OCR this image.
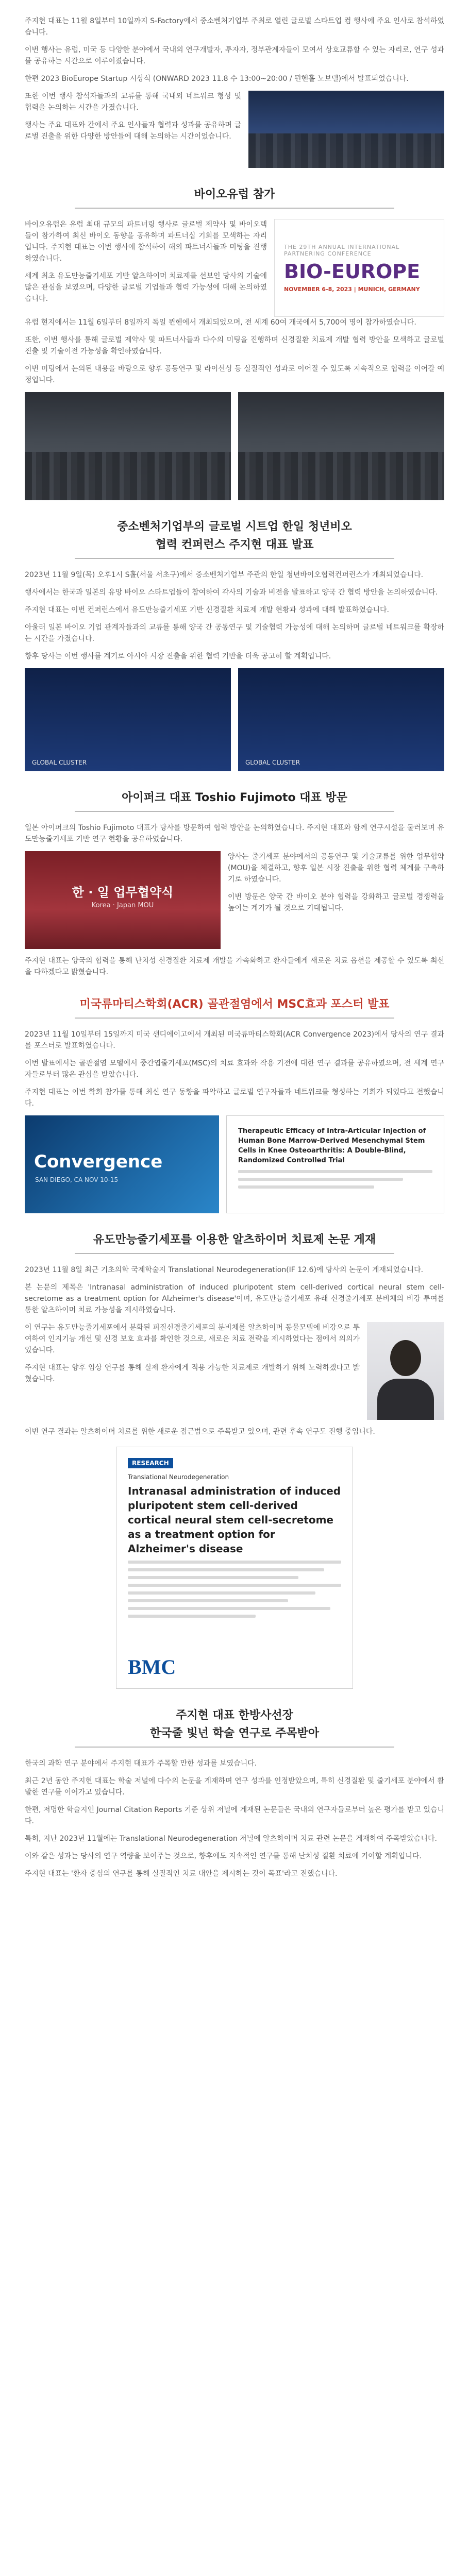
주지현 대표는 11월 8일부터 10일까지 S-Factory에서 중소벤처기업부 주최로 열린 글로벌 스타트업 컴 행사에 주요 인사로 참석하였습니다.

이번 행사는 유럽, 미국 등 다양한 분야에서 국내외 연구개발자, 투자자, 정부관계자들이 모여서 상호교류할 수 있는 자리로, 연구 성과를 공유하는 시간으로 이루어졌습니다.

한편 2023 BioEurope Startup 시상식 (ONWARD 2023 11.8 수 13:00~20:00 / 뮌헨홀 노보텔)에서 발표되었습니다.

또한 이번 행사 참석자들과의 교류를 통해 국내외 네트워크 형성 및 협력을 논의하는 시간을 가졌습니다.

행사는 주요 대표와 간에서 주요 인사들과 협력과 성과를 공유하며 글로벌 진출을 위한 다양한 방안들에 대해 논의하는 시간이었습니다.

바이오유럽 참가

바이오유럽은 유럽 최대 규모의 파트너링 행사로 글로벌 제약사 및 바이오텍들이 참가하여 최신 바이오 동향을 공유하며 파트너십 기회를 모색하는 자리입니다. 주지현 대표는 이번 행사에 참석하여 해외 파트너사들과 미팅을 진행하였습니다.

세계 최초 유도만능줄기세포 기반 알츠하이머 치료제를 선보인 당사의 기술에 많은 관심을 보였으며, 다양한 글로벌 기업들과 협력 가능성에 대해 논의하였습니다.

THE 29TH ANNUAL INTERNATIONAL PARTNERING CONFERENCE
BIO-EUROPE
NOVEMBER 6-8, 2023 | MUNICH, GERMANY

유럽 현지에서는 11월 6일부터 8일까지 독일 뮌헨에서 개최되었으며, 전 세계 60여 개국에서 5,700여 명이 참가하였습니다.

또한, 이번 행사를 통해 글로벌 제약사 및 파트너사들과 다수의 미팅을 진행하며 신경질환 치료제 개발 협력 방안을 모색하고 글로벌 진출 및 기술이전 가능성을 확인하였습니다.

이번 미팅에서 논의된 내용을 바탕으로 향후 공동연구 및 라이선싱 등 실질적인 성과로 이어질 수 있도록 지속적으로 협력을 이어갈 예정입니다.

중소벤처기업부의 글로벌 시트업 한일 청년비오
협력 컨퍼런스 주지현 대표 발표

2023년 11월 9일(목) 오후1시 S홀(서울 서초구)에서 중소벤처기업부 주관의 한일 청년바이오협력컨퍼런스가 개최되었습니다.

행사에서는 한국과 일본의 유망 바이오 스타트업들이 참여하여 각사의 기술과 비전을 발표하고 양국 간 협력 방안을 논의하였습니다.

주지현 대표는 이번 컨퍼런스에서 유도만능줄기세포 기반 신경질환 치료제 개발 현황과 성과에 대해 발표하였습니다.

아울러 일본 바이오 기업 관계자들과의 교류를 통해 양국 간 공동연구 및 기술협력 가능성에 대해 논의하며 글로벌 네트워크를 확장하는 시간을 가졌습니다.

향후 당사는 이번 행사를 계기로 아시아 시장 진출을 위한 협력 기반을 더욱 공고히 할 계획입니다.

GLOBAL CLUSTER	GLOBAL CLUSTER
아이퍼크 대표 Toshio Fujimoto 대표 방문

일본 아이퍼크의 Toshio Fujimoto 대표가 당사를 방문하여 협력 방안을 논의하였습니다. 주지현 대표와 함께 연구시설을 둘러보며 유도만능줄기세포 기반 연구 현황을 공유하였습니다.

한 · 일 업무협약식
Korea · Japan MOU

양사는 줄기세포 분야에서의 공동연구 및 기술교류를 위한 업무협약(MOU)을 체결하고, 향후 일본 시장 진출을 위한 협력 체계를 구축하기로 하였습니다.

이번 방문은 양국 간 바이오 분야 협력을 강화하고 글로벌 경쟁력을 높이는 계기가 될 것으로 기대됩니다.

주지현 대표는 양국의 협력을 통해 난치성 신경질환 치료제 개발을 가속화하고 환자들에게 새로운 치료 옵션을 제공할 수 있도록 최선을 다하겠다고 밝혔습니다.

미국류마티스학회(ACR) 골관절염에서 MSC효과 포스터 발표

2023년 11월 10일부터 15일까지 미국 샌디에이고에서 개최된 미국류마티스학회(ACR Convergence 2023)에서 당사의 연구 결과를 포스터로 발표하였습니다.

이번 발표에서는 골관절염 모델에서 중간엽줄기세포(MSC)의 치료 효과와 작용 기전에 대한 연구 결과를 공유하였으며, 전 세계 연구자들로부터 많은 관심을 받았습니다.

주지현 대표는 이번 학회 참가를 통해 최신 연구 동향을 파악하고 글로벌 연구자들과 네트워크를 형성하는 기회가 되었다고 전했습니다.

Convergence
SAN DIEGO, CA NOV 10-15
Therapeutic Efficacy of Intra-Articular Injection of Human Bone Marrow-Derived Mesenchymal Stem Cells in Knee Osteoarthritis: A Double-Blind, Randomized Controlled Trial
유도만능줄기세포를 이용한 알츠하이머 치료제 논문 게재

2023년 11월 8일 최근 기초의학 국제학술지 Translational Neurodegeneration(IF 12.6)에 당사의 논문이 게재되었습니다.

본 논문의 제목은 'Intranasal administration of induced pluripotent stem cell-derived cortical neural stem cell-secretome as a treatment option for Alzheimer's disease'이며, 유도만능줄기세포 유래 신경줄기세포 분비체의 비강 투여를 통한 알츠하이머 치료 가능성을 제시하였습니다.

이 연구는 유도만능줄기세포에서 분화된 피질신경줄기세포의 분비체를 알츠하이머 동물모델에 비강으로 투여하여 인지기능 개선 및 신경 보호 효과를 확인한 것으로, 새로운 치료 전략을 제시하였다는 점에서 의의가 있습니다.

주지현 대표는 향후 임상 연구를 통해 실제 환자에게 적용 가능한 치료제로 개발하기 위해 노력하겠다고 밝혔습니다.

이번 연구 결과는 알츠하이머 치료를 위한 새로운 접근법으로 주목받고 있으며, 관련 후속 연구도 진행 중입니다.

RESEARCH
Translational Neurodegeneration
Intranasal administration of induced pluripotent stem cell-derived cortical neural stem cell-secretome as a treatment option for Alzheimer's disease
BMC
주지현 대표 한방사선장
한국줄 빛넌 학술 연구로 주목받아

한국의 과학 연구 분야에서 주지현 대표가 주목할 만한 성과를 보였습니다.

최근 2년 동안 주지현 대표는 학술 저널에 다수의 논문을 게재하며 연구 성과를 인정받았으며, 특히 신경질환 및 줄기세포 분야에서 활발한 연구를 이어가고 있습니다.

한편, 저명한 학술지인 Journal Citation Reports 기준 상위 저널에 게재된 논문들은 국내외 연구자들로부터 높은 평가를 받고 있습니다.

특히, 지난 2023년 11월에는 Translational Neurodegeneration 저널에 알츠하이머 치료 관련 논문을 게재하여 주목받았습니다.

이와 같은 성과는 당사의 연구 역량을 보여주는 것으로, 향후에도 지속적인 연구를 통해 난치성 질환 치료에 기여할 계획입니다.

주지현 대표는 '환자 중심의 연구를 통해 실질적인 치료 대안을 제시하는 것이 목표'라고 전했습니다.
